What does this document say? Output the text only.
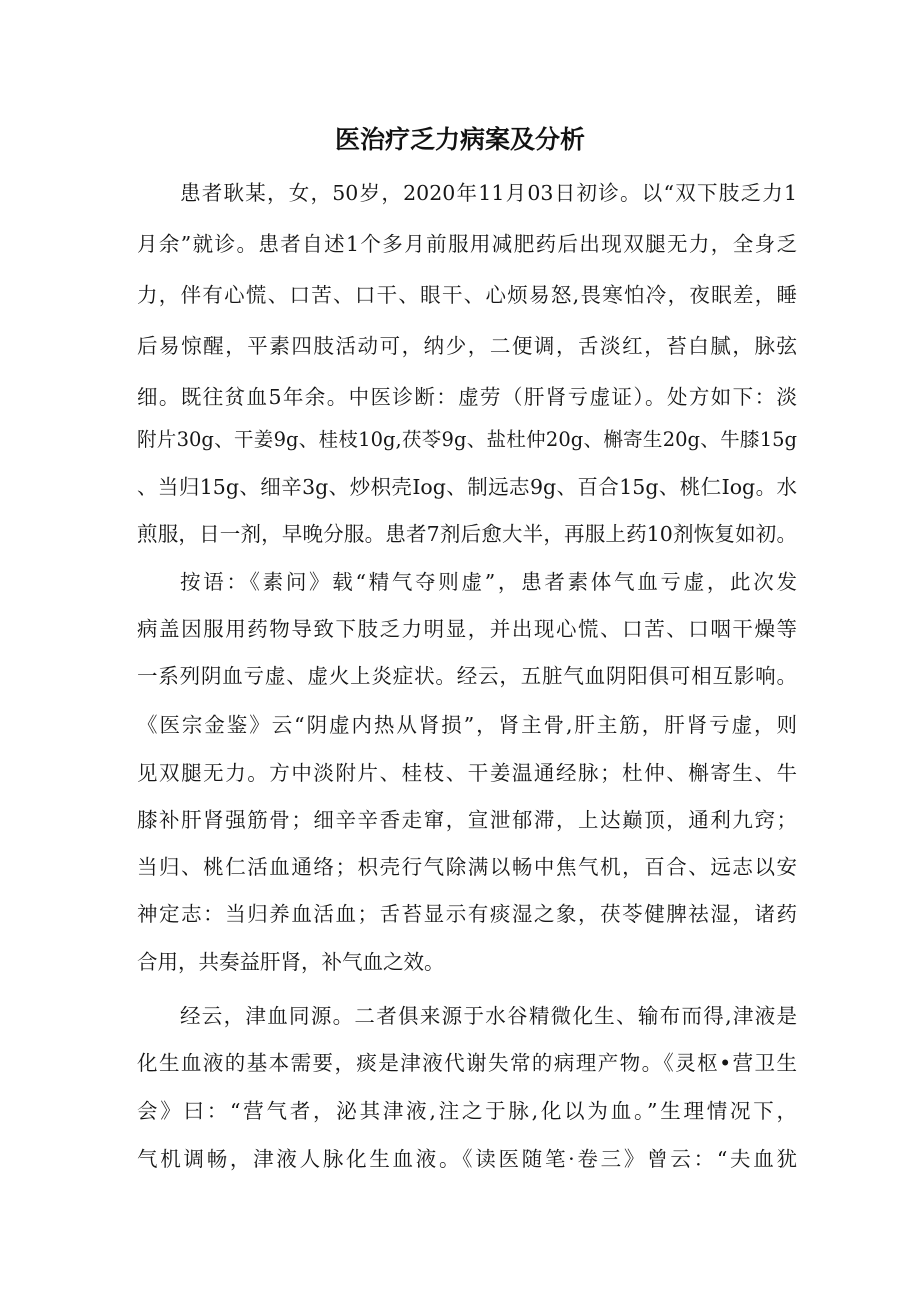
医治疗乏力病案及分析

患者耿某，女，50岁，2020年11月03日初诊。以“双下肢乏力1

月余”就诊。患者自述1个多月前服用减肥药后出现双腿无力，全身乏

力，伴有心慌、口苦、口干、眼干、心烦易怒,畏寒怕冷，夜眠差，睡

后易惊醒，平素四肢活动可，纳少，二便调，舌淡红，苔白腻，脉弦

细。既往贫血5年余。中医诊断：虚劳（肝肾亏虚证）。处方如下：淡

附片30g、干姜9g、桂枝10g,茯苓9g、盐杜仲20g、槲寄生20g、牛膝15g

、当归15g、细辛3g、炒枳壳Iog、制远志9g、百合15g、桃仁Iog。水

煎服，日一剂，早晚分服。患者7剂后愈大半，再服上药10剂恢复如初。

按语：《素问》载“精气夺则虚”，患者素体气血亏虚，此次发

病盖因服用药物导致下肢乏力明显，并出现心慌、口苦、口咽干燥等

一系列阴血亏虚、虚火上炎症状。经云，五脏气血阴阳俱可相互影响。

《医宗金鉴》云“阴虚内热从肾损”，肾主骨,肝主筋，肝肾亏虚，则

见双腿无力。方中淡附片、桂枝、干姜温通经脉；杜仲、槲寄生、牛

膝补肝肾强筋骨；细辛辛香走窜，宣泄郁滞，上达巅顶，通利九窍；

当归、桃仁活血通络；枳壳行气除满以畅中焦气机，百合、远志以安

神定志：当归养血活血；舌苔显示有痰湿之象，茯苓健脾祛湿，诸药

合用，共奏益肝肾，补气血之效。

经云，津血同源。二者俱来源于水谷精微化生、输布而得,津液是

化生血液的基本需要，痰是津液代谢失常的病理产物。《灵枢•营卫生

会》曰：“营气者，泌其津液,注之于脉,化以为血。”生理情况下，

气机调畅，津液人脉化生血液。《读医随笔·卷三》曾云：“夫血犹
